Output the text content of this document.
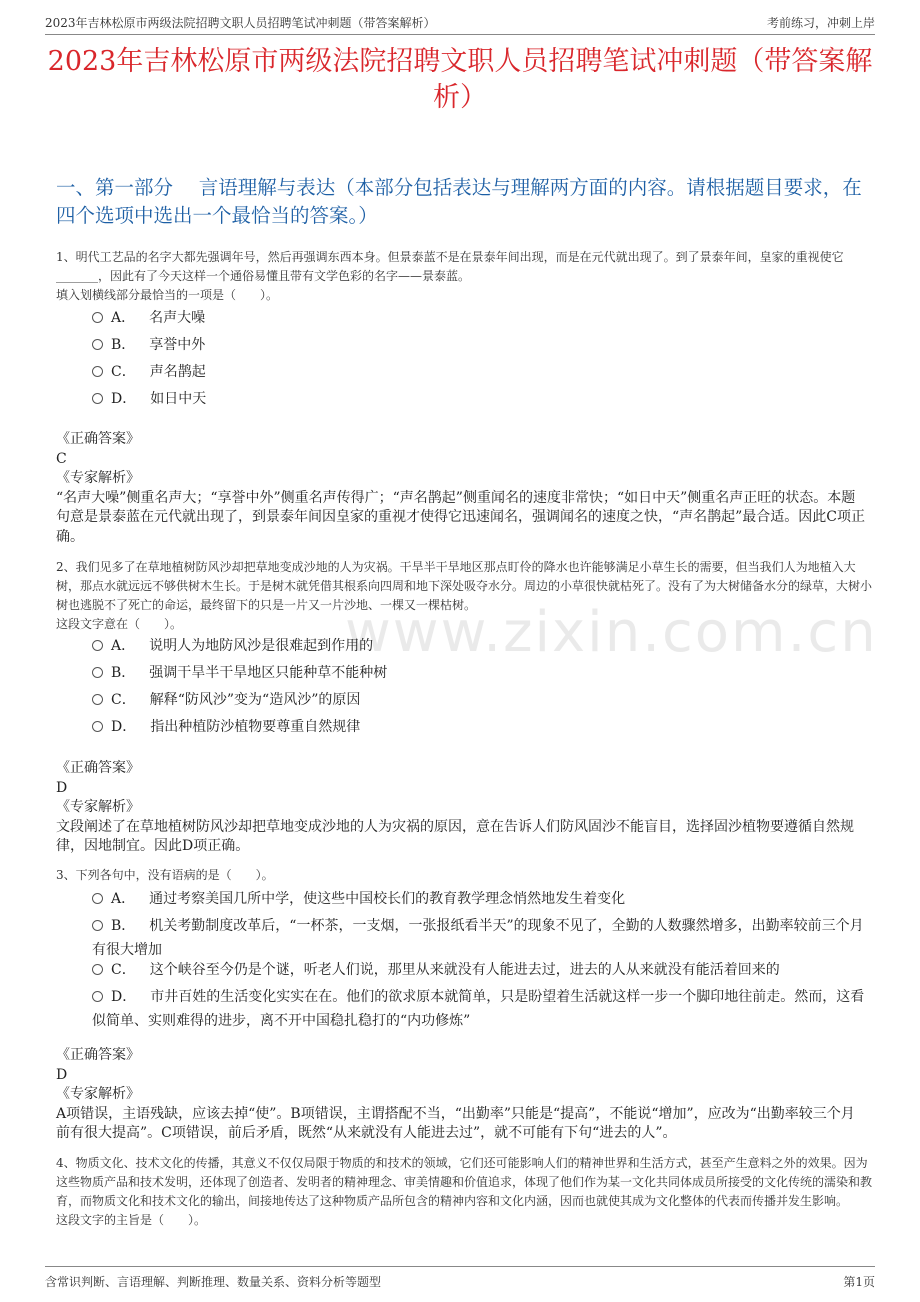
2023年吉林松原市两级法院招聘文职人员招聘笔试冲刺题（带答案解析）	考前练习，冲刺上岸
www.zixin.com.cn
2023年吉林松原市两级法院招聘文职人员招聘笔试冲刺题（带答案解析）
一、第一部分　 言语理解与表达（本部分包括表达与理解两方面的内容。请根据题目要求，在四个选项中选出一个最恰当的答案。）
1、明代工艺品的名字大都先强调年号，然后再强调东西本身。但景泰蓝不是在景泰年间出现，而是在元代就出现了。到了景泰年间，皇家的重视使它_______，因此有了今天这样一个通俗易懂且带有文学色彩的名字——景泰蓝。
填入划横线部分最恰当的一项是（　　）。
A． 名声大噪
B． 享誉中外
C． 声名鹊起
D． 如日中天
《正确答案》
C
《专家解析》
“名声大噪”侧重名声大；“享誉中外”侧重名声传得广；“声名鹊起”侧重闻名的速度非常快；“如日中天”侧重名声正旺的状态。本题句意是景泰蓝在元代就出现了，到景泰年间因皇家的重视才使得它迅速闻名，强调闻名的速度之快，“声名鹊起”最合适。因此C项正确。
2、我们见多了在草地植树防风沙却把草地变成沙地的人为灾祸。干旱半干旱地区那点盯伶的降水也许能够满足小草生长的需要，但当我们人为地植入大树，那点水就远远不够供树木生长。于是树木就凭借其根系向四周和地下深处吸夺水分。周边的小草很快就枯死了。没有了为大树储备水分的绿草，大树小树也逃脱不了死亡的命运，最终留下的只是一片又一片沙地、一棵又一棵枯树。
这段文字意在（　　）。
A． 说明人为地防风沙是很难起到作用的
B． 强调干旱半干旱地区只能种草不能种树
C． 解释“防风沙”变为“造风沙”的原因
D． 指出种植防沙植物要尊重自然规律
《正确答案》
D
《专家解析》
文段阐述了在草地植树防风沙却把草地变成沙地的人为灾祸的原因，意在告诉人们防风固沙不能盲目，选择固沙植物要遵循自然规律，因地制宜。因此D项正确。
3、下列各句中，没有语病的是（　　）。
A． 通过考察美国几所中学，使这些中国校长们的教育教学理念悄然地发生着变化
B． 机关考勤制度改革后，“一杯茶，一支烟，一张报纸看半天”的现象不见了，全勤的人数骤然增多，出勤率较前三个月有很大增加
C． 这个峡谷至今仍是个谜，听老人们说，那里从来就没有人能进去过，进去的人从来就没有能活着回来的
D． 市井百姓的生活变化实实在在。他们的欲求原本就简单，只是盼望着生活就这样一步一个脚印地往前走。然而，这看似简单、实则难得的进步，离不开中国稳扎稳打的“内功修炼”
《正确答案》
D
《专家解析》
A项错误，主语残缺，应该去掉“使”。B项错误，主谓搭配不当，“出勤率”只能是“提高”，不能说“增加”，应改为“出勤率较三个月前有很大提高”。C项错误，前后矛盾，既然“从来就没有人能进去过”，就不可能有下句“进去的人”。
4、物质文化、技术文化的传播，其意义不仅仅局限于物质的和技术的领域，它们还可能影响人们的精神世界和生活方式，甚至产生意料之外的效果。因为这些物质产品和技术发明，还体现了创造者、发明者的精神理念、审美情趣和价值追求，体现了他们作为某一文化共同体成员所接受的文化传统的濡染和教育，而物质文化和技术文化的输出，间接地传达了这种物质产品所包含的精神内容和文化内涵，因而也就使其成为文化整体的代表而传播并发生影响。
这段文字的主旨是（　　）。
含常识判断、言语理解、判断推理、数量关系、资料分析等题型	第1页
